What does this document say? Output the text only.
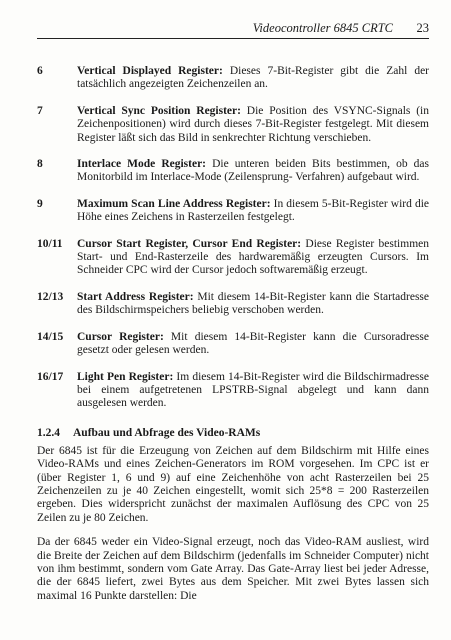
Videocontroller 6845 CRTC 23
6	Vertical Displayed Register: Dieses 7-Bit-Register gibt die Zahl der tatsächlich angezeigten Zeichenzeilen an.
7	Vertical Sync Position Register: Die Position des VSYNC-Signals (in Zeichenpositionen) wird durch dieses 7-Bit-Register festgelegt. Mit diesem Register läßt sich das Bild in senkrechter Richtung verschieben.
8	Interlace Mode Register: Die unteren beiden Bits bestimmen, ob das Monitorbild im Interlace-Mode (Zeilensprung- Verfahren) aufgebaut wird.
9	Maximum Scan Line Address Register: In diesem 5-Bit-Register wird die Höhe eines Zeichens in Rasterzeilen festgelegt.
10/11	Cursor Start Register, Cursor End Register: Diese Register bestimmen Start- und End-Rasterzeile des hardwaremäßig erzeugten Cursors. Im Schneider CPC wird der Cursor jedoch softwaremäßig erzeugt.
12/13	Start Address Register: Mit diesem 14-Bit-Register kann die Startadresse des Bildschirmspeichers beliebig verschoben werden.
14/15	Cursor Register: Mit diesem 14-Bit-Register kann die Cursoradresse gesetzt oder gelesen werden.
16/17	Light Pen Register: Im diesem 14-Bit-Register wird die Bildschirmadresse bei einem aufgetretenen LPSTRB-Signal abgelegt und kann dann ausgelesen werden.
1.2.4	Aufbau und Abfrage des Video-RAMs

Der 6845 ist für die Erzeugung von Zeichen auf dem Bildschirm mit Hilfe eines Video-RAMs und eines Zeichen-Generators im ROM vorgesehen. Im CPC ist er (über Register 1, 6 und 9) auf eine Zeichenhöhe von acht Rasterzeilen bei 25 Zeichenzeilen zu je 40 Zeichen eingestellt, womit sich 25*8 = 200 Rasterzeilen ergeben. Dies widerspricht zunächst der maximalen Auflösung des CPC von 25 Zeilen zu je 80 Zeichen.

Da der 6845 weder ein Video-Signal erzeugt, noch das Video-RAM ausliest, wird die Breite der Zeichen auf dem Bildschirm (jedenfalls im Schneider Computer) nicht von ihm bestimmt, sondern vom Gate Array. Das Gate-Array liest bei jeder Adresse, die der 6845 liefert, zwei Bytes aus dem Speicher. Mit zwei Bytes lassen sich maximal 16 Punkte darstellen: Die
